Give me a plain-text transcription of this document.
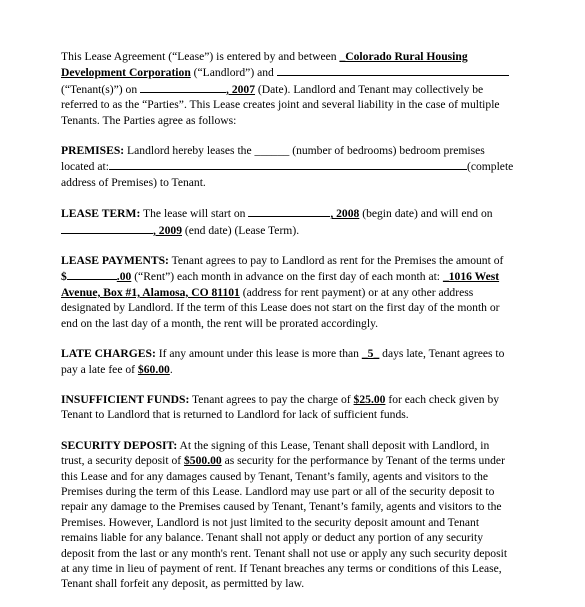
This Lease Agreement (“Lease”) is entered by and between _Colorado Rural Housing
Development Corporation (“Landlord”) and
(“Tenant(s)”) on	, 2007 (Date). Landlord and Tenant may collectively be
referred to as the “Parties”. This Lease creates joint and several liability in the case of multiple
Tenants. The Parties agree as follows:
PREMISES: Landlord hereby leases the ______ (number of bedrooms) bedroom premises
located at:	(complete
address of Premises) to Tenant.
LEASE TERM: The lease will start on	, 2008 (begin date) and will end on
, 2009 (end date) (Lease Term).
LEASE PAYMENTS: Tenant agrees to pay to Landlord as rent for the Premises the amount of
$	.00 (“Rent”) each month in advance on the first day of each month at: _1016 West
Avenue, Box #1, Alamosa, CO 81101 (address for rent payment) or at any other address
designated by Landlord. If the term of this Lease does not start on the first day of the month or
end on the last day of a month, the rent will be prorated accordingly.
LATE CHARGES: If any amount under this lease is more than _5_ days late, Tenant agrees to
pay a late fee of $60.00.
INSUFFICIENT FUNDS: Tenant agrees to pay the charge of $25.00 for each check given by
Tenant to Landlord that is returned to Landlord for lack of sufficient funds.
SECURITY DEPOSIT: At the signing of this Lease, Tenant shall deposit with Landlord, in
trust, a security deposit of $500.00 as security for the performance by Tenant of the terms under
this Lease and for any damages caused by Tenant, Tenant’s family, agents and visitors to the
Premises during the term of this Lease. Landlord may use part or all of the security deposit to
repair any damage to the Premises caused by Tenant, Tenant’s family, agents and visitors to the
Premises. However, Landlord is not just limited to the security deposit amount and Tenant
remains liable for any balance. Tenant shall not apply or deduct any portion of any security
deposit from the last or any month's rent. Tenant shall not use or apply any such security deposit
at any time in lieu of payment of rent. If Tenant breaches any terms or conditions of this Lease,
Tenant shall forfeit any deposit, as permitted by law.
